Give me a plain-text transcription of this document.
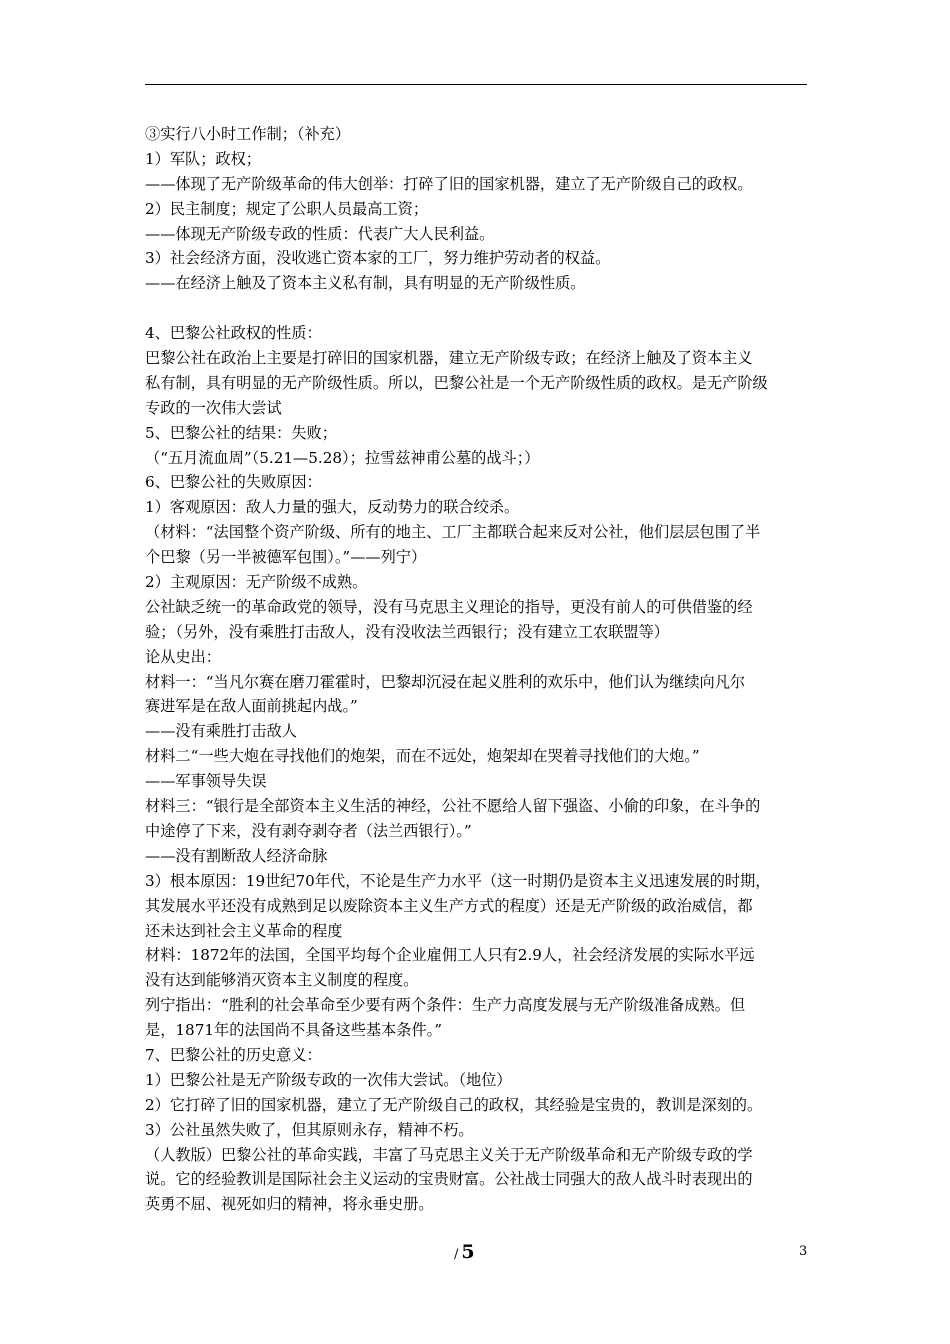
③实行八小时工作制；（补充）
1）军队；政权；
——体现了无产阶级革命的伟大创举：打碎了旧的国家机器，建立了无产阶级自己的政权。
2）民主制度；规定了公职人员最高工资；
——体现无产阶级专政的性质：代表广大人民利益。
3）社会经济方面，没收逃亡资本家的工厂，努力维护劳动者的权益。
——在经济上触及了资本主义私有制，具有明显的无产阶级性质。
4、巴黎公社政权的性质：
巴黎公社在政治上主要是打碎旧的国家机器，建立无产阶级专政；在经济上触及了资本主义
私有制，具有明显的无产阶级性质。所以，巴黎公社是一个无产阶级性质的政权。是无产阶级
专政的一次伟大尝试
5、巴黎公社的结果：失败；
（“五月流血周”（5.21—5.28）；拉雪兹神甫公墓的战斗；）
6、巴黎公社的失败原因：
1）客观原因：敌人力量的强大，反动势力的联合绞杀。
（材料：“法国整个资产阶级、所有的地主、工厂主都联合起来反对公社，他们层层包围了半
个巴黎（另一半被德军包围）。”——列宁）
2）主观原因：无产阶级不成熟。
公社缺乏统一的革命政党的领导，没有马克思主义理论的指导，更没有前人的可供借鉴的经
验；（另外，没有乘胜打击敌人，没有没收法兰西银行；没有建立工农联盟等）
论从史出：
材料一：“当凡尔赛在磨刀霍霍时，巴黎却沉浸在起义胜利的欢乐中，他们认为继续向凡尔
赛进军是在敌人面前挑起内战。”
——没有乘胜打击敌人
材料二“一些大炮在寻找他们的炮架，而在不远处，炮架却在哭着寻找他们的大炮。”
——军事领导失误
材料三：“银行是全部资本主义生活的神经，公社不愿给人留下强盗、小偷的印象，在斗争的
中途停了下来，没有剥夺剥夺者（法兰西银行）。”
——没有割断敌人经济命脉
3）根本原因：19世纪70年代，不论是生产力水平（这一时期仍是资本主义迅速发展的时期，
其发展水平还没有成熟到足以废除资本主义生产方式的程度）还是无产阶级的政治威信，都
还未达到社会主义革命的程度
材料：1872年的法国，全国平均每个企业雇佣工人只有2.9人，社会经济发展的实际水平远
没有达到能够消灭资本主义制度的程度。
列宁指出：“胜利的社会革命至少要有两个条件：生产力高度发展与无产阶级准备成熟。但
是，1871年的法国尚不具备这些基本条件。”
7、巴黎公社的历史意义：
1）巴黎公社是无产阶级专政的一次伟大尝试。（地位）
2）它打碎了旧的国家机器，建立了无产阶级自己的政权，其经验是宝贵的，教训是深刻的。
3）公社虽然失败了，但其原则永存，精神不朽。
（人教版）巴黎公社的革命实践，丰富了马克思主义关于无产阶级革命和无产阶级专政的学
说。它的经验教训是国际社会主义运动的宝贵财富。公社战士同强大的敌人战斗时表现出的
英勇不屈、视死如归的精神，将永垂史册。
/ 5	3
